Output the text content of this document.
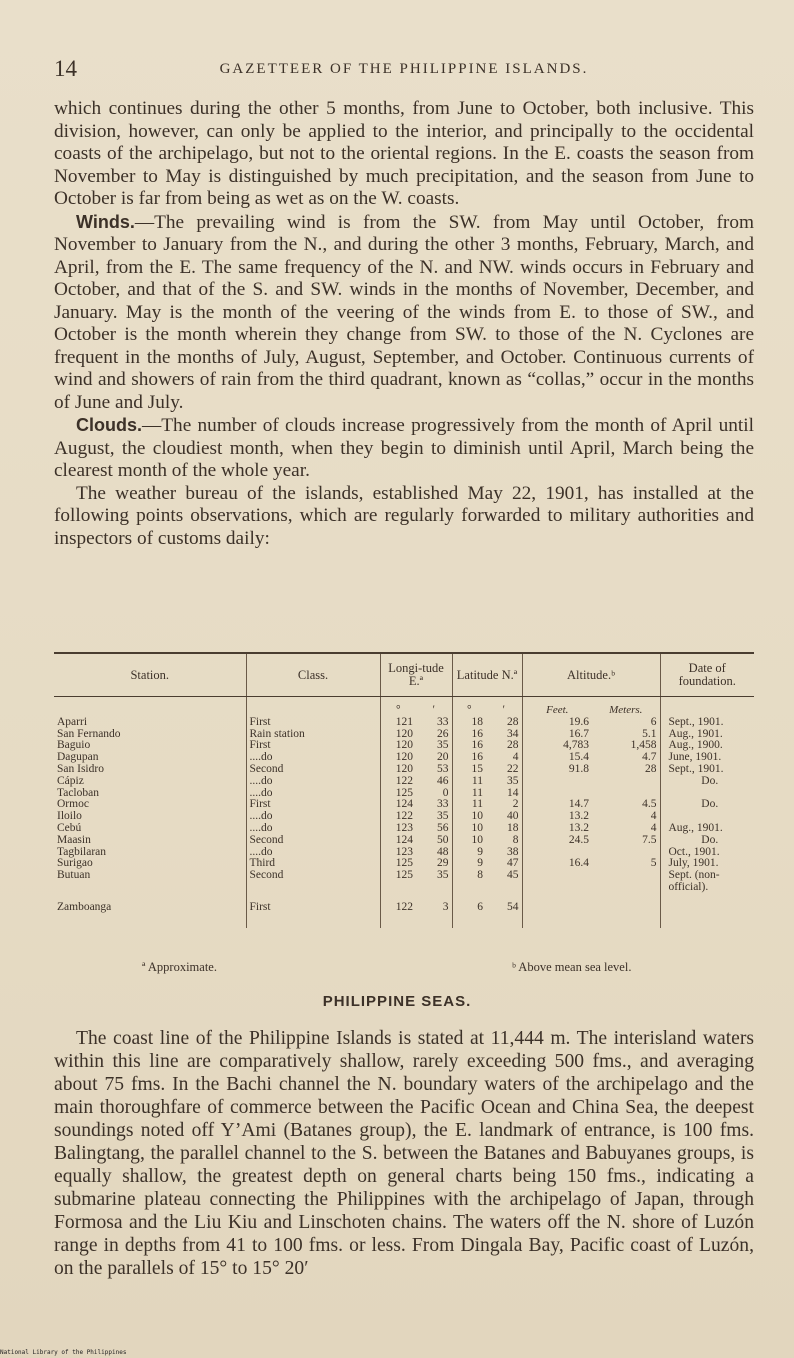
14	GAZETTEER OF THE PHILIPPINE ISLANDS.

which continues during the other 5 months, from June to October, both inclusive. This division, however, can only be applied to the interior, and principally to the occidental coasts of the archipelago, but not to the oriental regions. In the E. coasts the season from November to May is distinguished by much precipitation, and the season from June to October is far from being as wet as on the W. coasts.

Winds.—The prevailing wind is from the SW. from May until October, from November to January from the N., and during the other 3 months, February, March, and April, from the E. The same frequency of the N. and NW. winds occurs in February and October, and that of the S. and SW. winds in the months of November, December, and January. May is the month of the veering of the winds from E. to those of SW., and October is the month wherein they change from SW. to those of the N. Cyclones are frequent in the months of July, August, September, and October. Continuous currents of wind and showers of rain from the third quadrant, known as “collas,” occur in the months of June and July.

Clouds.—The number of clouds increase progressively from the month of April until August, the cloudiest month, when they begin to diminish until April, March being the clearest month of the whole year.

The weather bureau of the islands, established May 22, 1901, has installed at the following points observations, which are regularly forwarded to military authorities and inspectors of customs daily:

Station.	Class.	Longi-tude E.ª		Latitude N.ª		Altitude.ᵇ		Date of foundation.
		°	′	°	′	Feet.	Meters.	
Aparri	First	121	33	18	28	19.6	6	Sept., 1901.
San Fernando	Rain station	120	26	16	34	16.7	5.1	Aug., 1901.
Baguio	First	120	35	16	28	4,783	1,458	Aug., 1900.
Dagupan	....do	120	20	16	4	15.4	4.7	June, 1901.
San Isidro	Second	120	53	15	22	91.8	28	Sept., 1901.
Cápiz	....do	122	46	11	35			Do.
Tacloban	....do	125	0	11	14			
Ormoc	First	124	33	11	2	14.7	4.5	Do.
Iloilo	....do	122	35	10	40	13.2	4	
Cebú	....do	123	56	10	18	13.2	4	Aug., 1901.
Maasin	Second	124	50	10	8	24.5	7.5	Do.
Tagbilaran	....do	123	48	9	38			Oct., 1901.
Surigao	Third	125	29	9	47	16.4	5	July, 1901.
Butuan	Second	125	35	8	45			Sept. (non-official).
Zamboanga	First	122	3	6	54			
ª Approximate.	ᵇ Above mean sea level.
PHILIPPINE SEAS.

The coast line of the Philippine Islands is stated at 11,444 m. The interisland waters within this line are comparatively shallow, rarely exceeding 500 fms., and averaging about 75 fms. In the Bachi channel the N. boundary waters of the archipelago and the main thoroughfare of commerce between the Pacific Ocean and China Sea, the deepest soundings noted off Y’Ami (Batanes group), the E. landmark of entrance, is 100 fms. Balingtang, the parallel channel to the S. between the Batanes and Babuyanes groups, is equally shallow, the greatest depth on general charts being 150 fms., indicating a submarine plateau connecting the Philippines with the archipelago of Japan, through Formosa and the Liu Kiu and Linschoten chains. The waters off the N. shore of Luzón range in depths from 41 to 100 fms. or less. From Dingala Bay, Pacific coast of Luzón, on the parallels of 15° to 15° 20′

National Library of the Philippines
